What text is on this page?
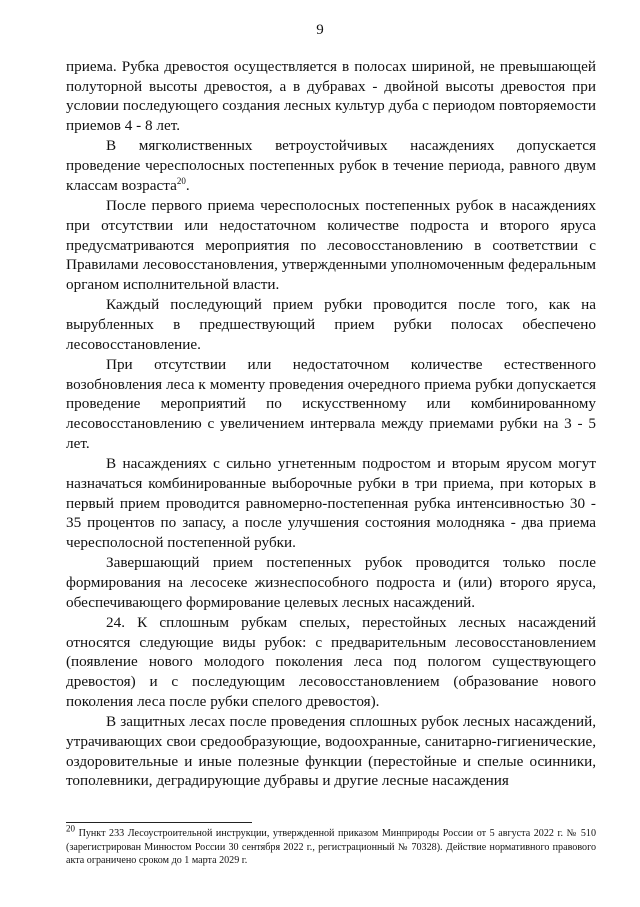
9

приема. Рубка древостоя осуществляется в полосах шириной, не превышающей полуторной высоты древостоя, а в дубравах - двойной высоты древостоя при условии последующего создания лесных культур дуба с периодом повторяемости приемов 4 - 8 лет.

В мягколиственных ветроустойчивых насаждениях допускается проведение чересполосных постепенных рубок в течение периода, равного двум классам возраста$^{20}$.

После первого приема чересполосных постепенных рубок в насаждениях при отсутствии или недостаточном количестве подроста и второго яруса предусматриваются мероприятия по лесовосстановлению в соответствии с Правилами лесовосстановления, утвержденными уполномоченным федеральным органом исполнительной власти.

Каждый последующий прием рубки проводится после того, как на вырубленных в предшествующий прием рубки полосах обеспечено лесовосстановление.

При отсутствии или недостаточном количестве естественного возобновления леса к моменту проведения очередного приема рубки допускается проведение мероприятий по искусственному или комбинированному лесовосстановлению с увеличением интервала между приемами рубки на 3 - 5 лет.

В насаждениях с сильно угнетенным подростом и вторым ярусом могут назначаться комбинированные выборочные рубки в три приема, при которых в первый прием проводится равномерно-постепенная рубка интенсивностью 30 - 35 процентов по запасу, а после улучшения состояния молодняка - два приема чересполосной постепенной рубки.

Завершающий прием постепенных рубок проводится только после формирования на лесосеке жизнеспособного подроста и (или) второго яруса, обеспечивающего формирование целевых лесных насаждений.

24. К сплошным рубкам спелых, перестойных лесных насаждений относятся следующие виды рубок: с предварительным лесовосстановлением (появление нового молодого поколения леса под пологом существующего древостоя) и с последующим лесовосстановлением (образование нового поколения леса после рубки спелого древостоя).

В защитных лесах после проведения сплошных рубок лесных насаждений, утрачивающих свои средообразующие, водоохранные, санитарно-гигиенические, оздоровительные и иные полезные функции (перестойные и спелые осинники, тополевники, деградирующие дубравы и другие лесные насаждения

$^{20}$ Пункт 233 Лесоустроительной инструкции, утвержденной приказом Минприроды России от 5 августа 2022 г. № 510 (зарегистрирован Минюстом России 30 сентября 2022 г., регистрационный № 70328). Действие нормативного правового акта ограничено сроком до 1 марта 2029 г.
